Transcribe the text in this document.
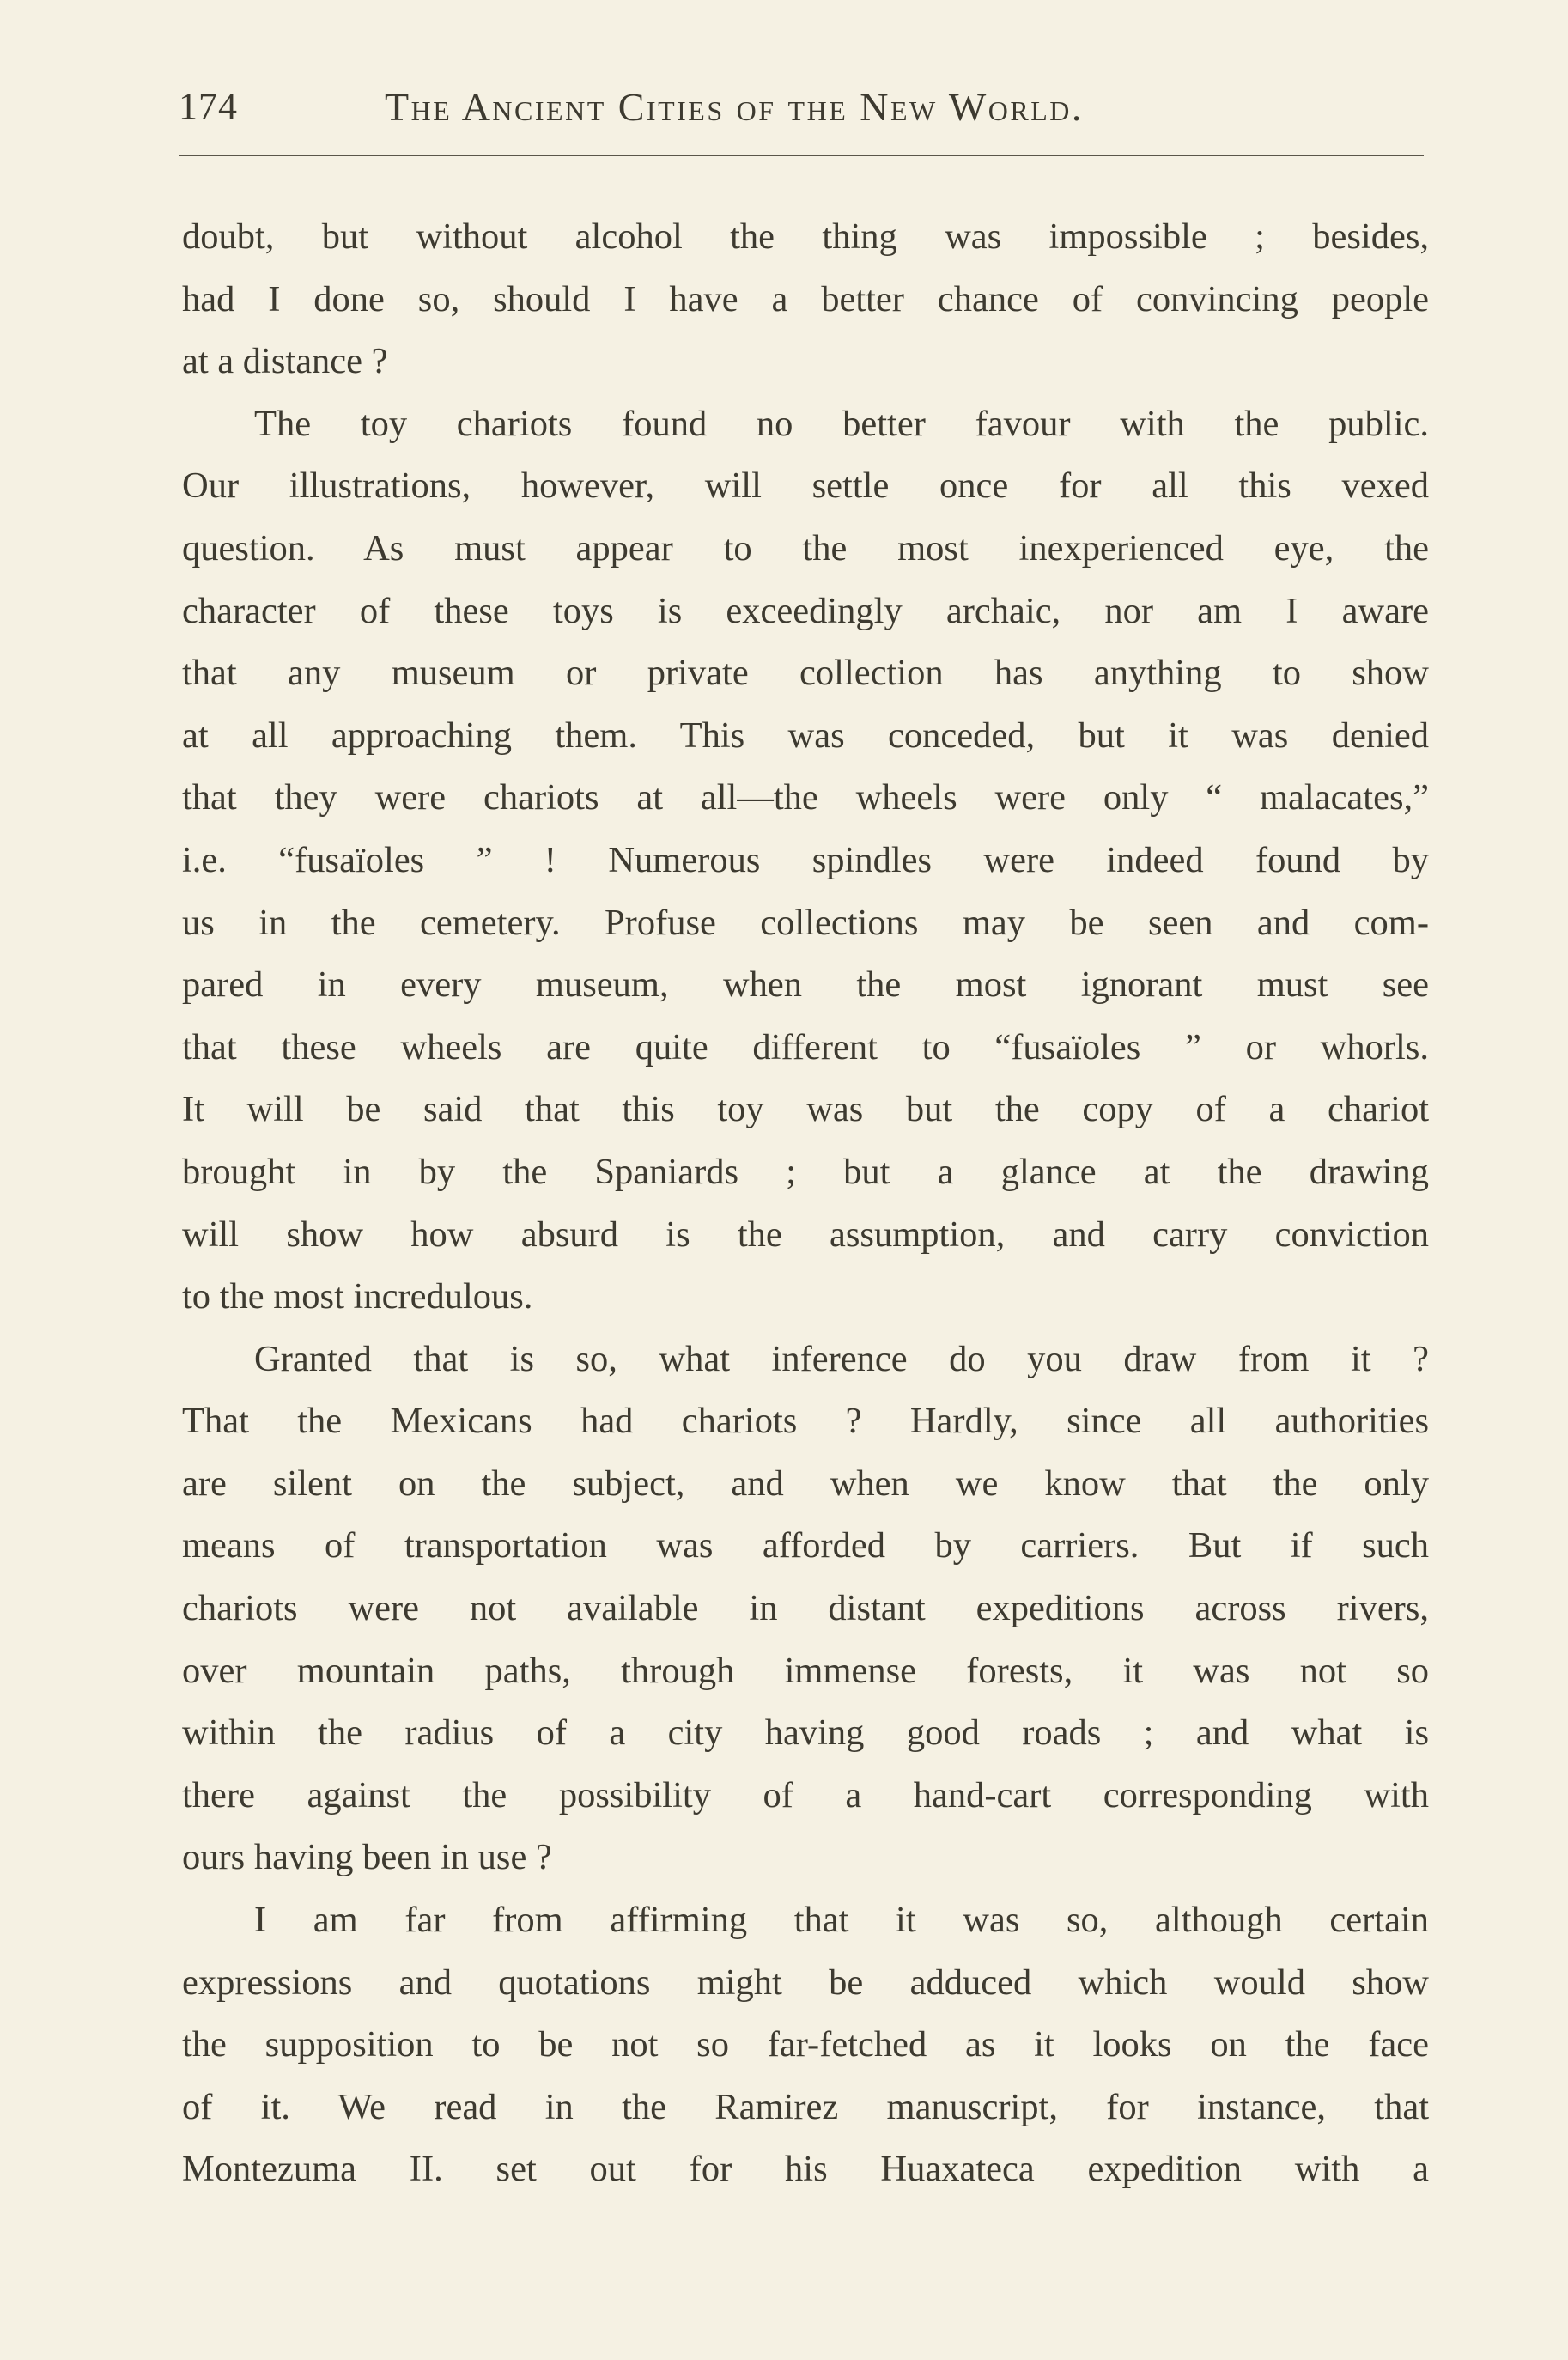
174	The Ancient Cities of the New World.
doubt, but without alcohol the thing was impossible ; besides,
had I done so, should I have a better chance of convincing people
at a distance ?
The toy chariots found no better favour with the public.
Our illustrations, however, will settle once for all this vexed
question. As must appear to the most inexperienced eye, the
character of these toys is exceedingly archaic, nor am I aware
that any museum or private collection has anything to show
at all approaching them. This was conceded, but it was denied
that they were chariots at all—the wheels were only “ malacates,”
i.e. “fusaïoles ” ! Numerous spindles were indeed found by
us in the cemetery. Profuse collections may be seen and com-
pared in every museum, when the most ignorant must see
that these wheels are quite different to “fusaïoles ” or whorls.
It will be said that this toy was but the copy of a chariot
brought in by the Spaniards ; but a glance at the drawing
will show how absurd is the assumption, and carry conviction
to the most incredulous.
Granted that is so, what inference do you draw from it ?
That the Mexicans had chariots ? Hardly, since all authorities
are silent on the subject, and when we know that the only
means of transportation was afforded by carriers. But if such
chariots were not available in distant expeditions across rivers,
over mountain paths, through immense forests, it was not so
within the radius of a city having good roads ; and what is
there against the possibility of a hand-cart corresponding with
ours having been in use ?
I am far from affirming that it was so, although certain
expressions and quotations might be adduced which would show
the supposition to be not so far-fetched as it looks on the face
of it. We read in the Ramirez manuscript, for instance, that
Montezuma II. set out for his Huaxateca expedition with a
